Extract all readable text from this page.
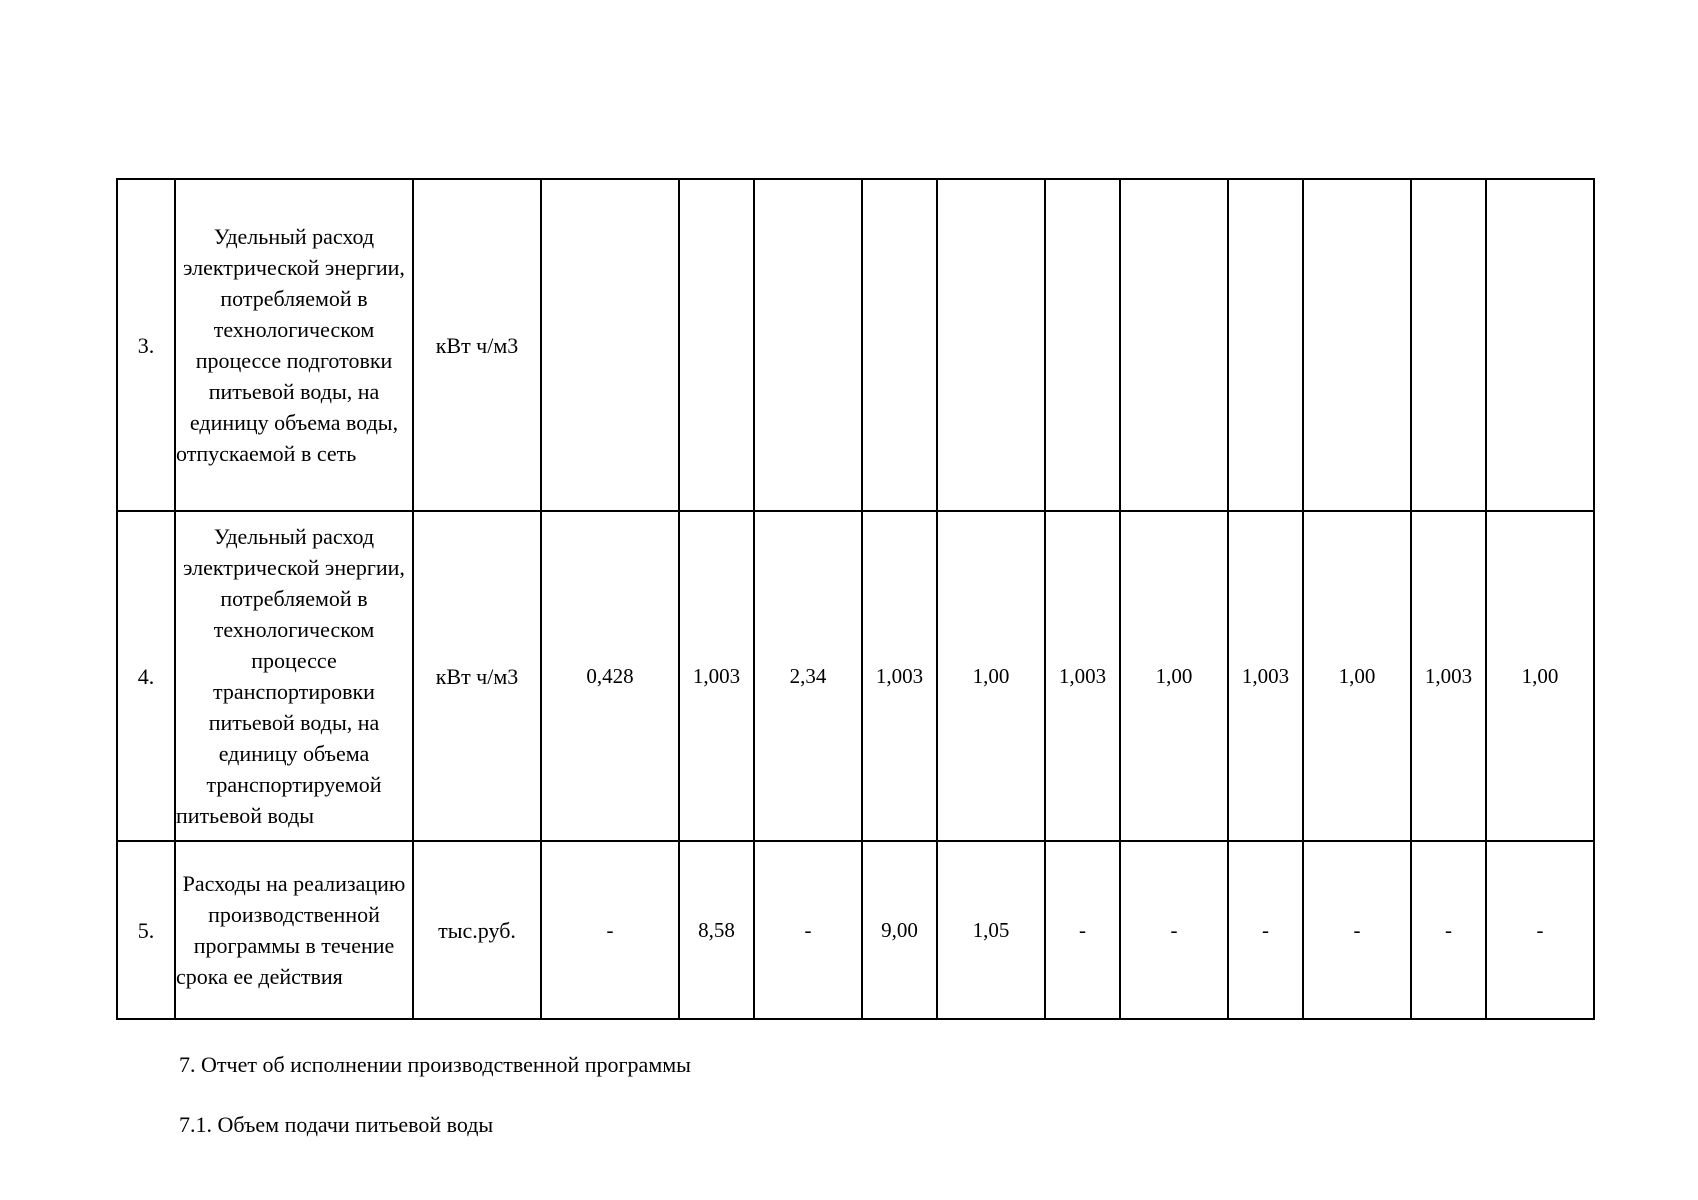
3.	Удельный расход электрической энергии, потребляемой в технологическом процессе подготовки питьевой воды, на единицу объема воды, отпускаемой в сеть	кВт ч/м3											
4.	Удельный расход электрической энергии, потребляемой в технологическом процессе транспортировки питьевой воды, на единицу объема транспортируемой питьевой воды	кВт ч/м3	0,428	1,003	2,34	1,003	1,00	1,003	1,00	1,003	1,00	1,003	1,00
5.	Расходы на реализацию производственной программы в течение срока ее действия	тыс.руб.	-	8,58	-	9,00	1,05	-	-	-	-	-	-
7. Отчет об исполнении производственной программы
7.1. Объем подачи питьевой воды
